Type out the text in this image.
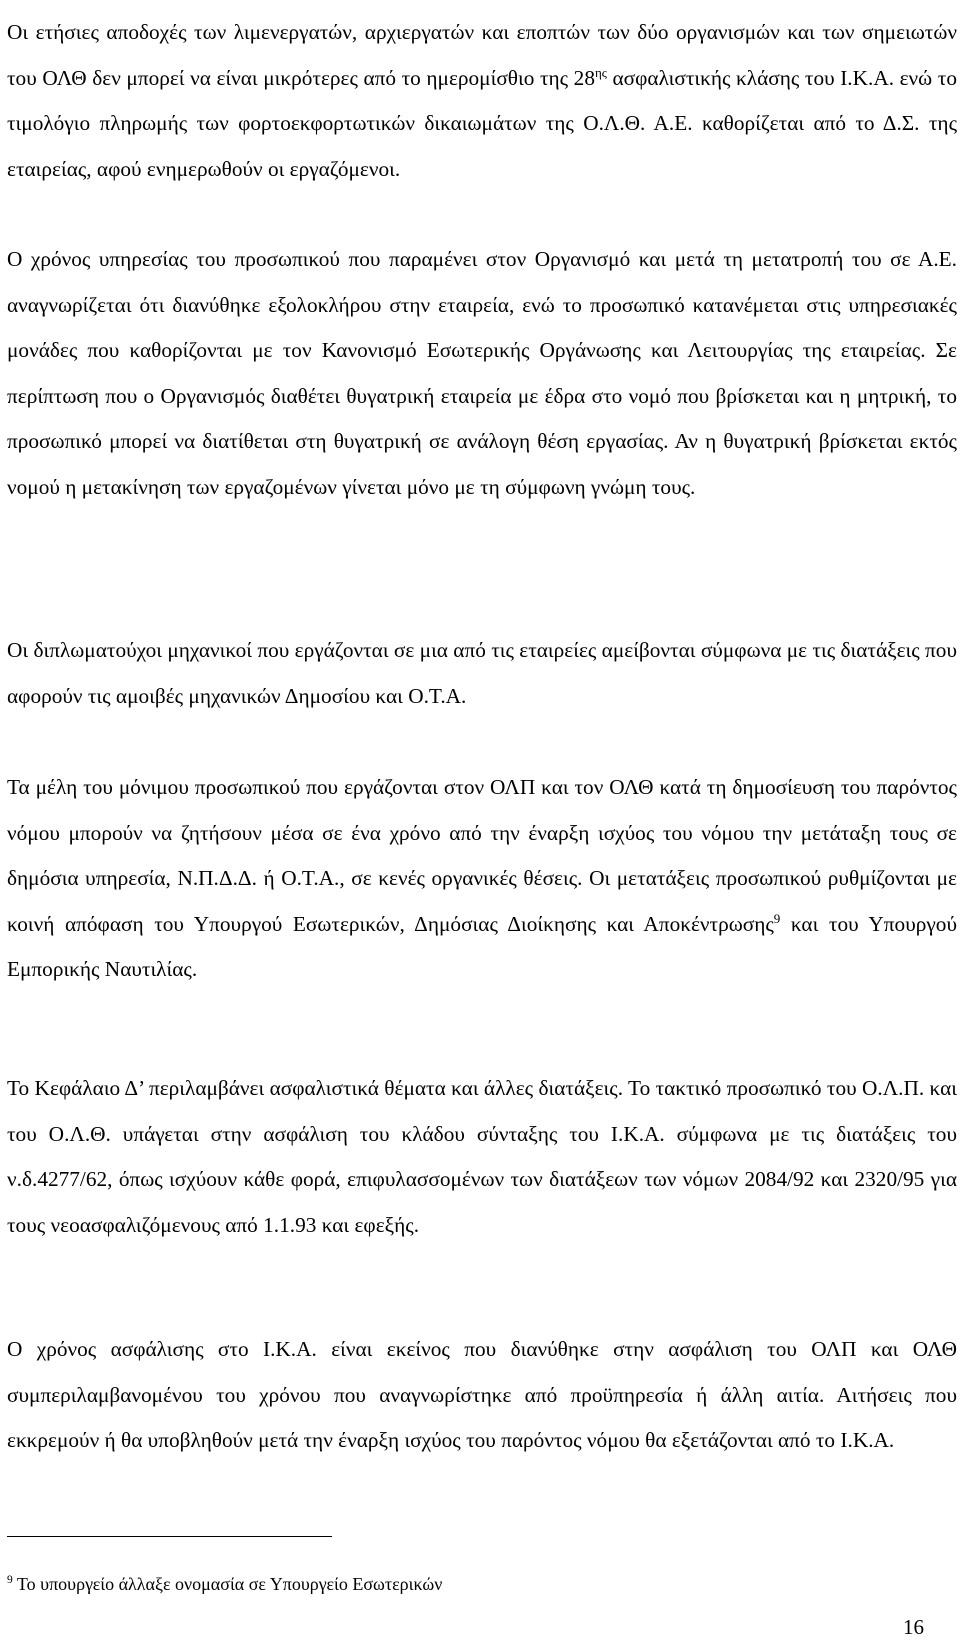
Οι ετήσιες αποδοχές των λιμενεργατών, αρχιεργατών και εποπτών των δύο οργανισμών και των σημειωτών του ΟΛΘ δεν μπορεί να είναι μικρότερες από το ημερομίσθιο της $28^{\eta\varsigma}$ ασφαλιστικής κλάσης του Ι.Κ.Α. ενώ το τιμολόγιο πληρωμής των φορτοεκφορτωτικών δικαιωμάτων της Ο.Λ.Θ. Α.Ε. καθορίζεται από το Δ.Σ. της εταιρείας, αφού ενημερωθούν οι εργαζόμενοι.

Ο χρόνος υπηρεσίας του προσωπικού που παραμένει στον Οργανισμό και μετά τη μετατροπή του σε Α.Ε. αναγνωρίζεται ότι διανύθηκε εξολοκλήρου στην εταιρεία, ενώ το προσωπικό κατανέμεται στις υπηρεσιακές μονάδες που καθορίζονται με τον Κανονισμό Εσωτερικής Οργάνωσης και Λειτουργίας της εταιρείας. Σε περίπτωση που ο Οργανισμός διαθέτει θυγατρική εταιρεία με έδρα στο νομό που βρίσκεται και η μητρική, το προσωπικό μπορεί να διατίθεται στη θυγατρική σε ανάλογη θέση εργασίας. Αν η θυγατρική βρίσκεται εκτός νομού η μετακίνηση των εργαζομένων γίνεται μόνο με τη σύμφωνη γνώμη τους.

Οι διπλωματούχοι μηχανικοί που εργάζονται σε μια από τις εταιρείες αμείβονται σύμφωνα με τις διατάξεις που αφορούν τις αμοιβές μηχανικών Δημοσίου και Ο.Τ.Α.

Τα μέλη του μόνιμου προσωπικού που εργάζονται στον ΟΛΠ και τον ΟΛΘ κατά τη δημοσίευση του παρόντος νόμου μπορούν να ζητήσουν μέσα σε ένα χρόνο από την έναρξη ισχύος του νόμου την μετάταξη τους σε δημόσια υπηρεσία, Ν.Π.Δ.Δ. ή Ο.Τ.Α., σε κενές οργανικές θέσεις. Οι μετατάξεις προσωπικού ρυθμίζονται με κοινή απόφαση του Υπουργού Εσωτερικών, Δημόσιας Διοίκησης και Αποκέντρωσης$^9$ και του Υπουργού Εμπορικής Ναυτιλίας.

Το Κεφάλαιο Δ’ περιλαμβάνει ασφαλιστικά θέματα και άλλες διατάξεις. Το τακτικό προσωπικό του Ο.Λ.Π. και του Ο.Λ.Θ. υπάγεται στην ασφάλιση του κλάδου σύνταξης του Ι.Κ.Α. σύμφωνα με τις διατάξεις του ν.δ.4277/62, όπως ισχύουν κάθε φορά, επιφυλασσομένων των διατάξεων των νόμων 2084/92 και 2320/95 για τους νεοασφαλιζόμενους από 1.1.93 και εφεξής.

Ο χρόνος ασφάλισης στο Ι.Κ.Α. είναι εκείνος που διανύθηκε στην ασφάλιση του ΟΛΠ και ΟΛΘ συμπεριλαμβανομένου του χρόνου που αναγνωρίστηκε από προϋπηρεσία ή άλλη αιτία. Αιτήσεις που εκκρεμούν ή θα υποβληθούν μετά την έναρξη ισχύος του παρόντος νόμου θα εξετάζονται από το Ι.Κ.Α.

$^9$ Το υπουργείο άλλαξε ονομασία σε Υπουργείο Εσωτερικών
16
